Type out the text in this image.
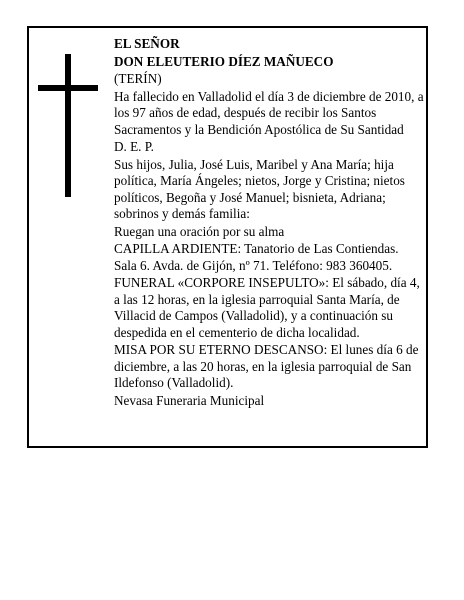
EL SEÑOR

DON ELEUTERIO DÍEZ MAÑUECO

(TERÍN)

Ha fallecido en Valladolid el día 3 de diciembre de 2010, a los 97 años de edad, después de recibir los Santos Sacramentos y la Bendición Apostólica de Su Santidad

D. E. P.

Sus hijos, Julia, José Luis, Maribel y Ana María; hija política, María Ángeles; nietos, Jorge y Cristina; nietos políticos, Begoña y José Manuel; bisnieta, Adriana; sobrinos y demás familia:

Ruegan una oración por su alma

CAPILLA ARDIENTE: Tanatorio de Las Contiendas. Sala 6. Avda. de Gijón, nº 71. Teléfono: 983 360405.

FUNERAL «CORPORE INSEPULTO»: El sábado, día 4, a las 12 horas, en la iglesia parroquial Santa María, de Villacid de Campos (Valladolid), y a continuación su despedida en el cementerio de dicha localidad.

MISA POR SU ETERNO DESCANSO: El lunes día 6 de diciembre, a las 20 horas, en la iglesia parroquial de San Ildefonso (Valladolid).

Nevasa Funeraria Municipal
